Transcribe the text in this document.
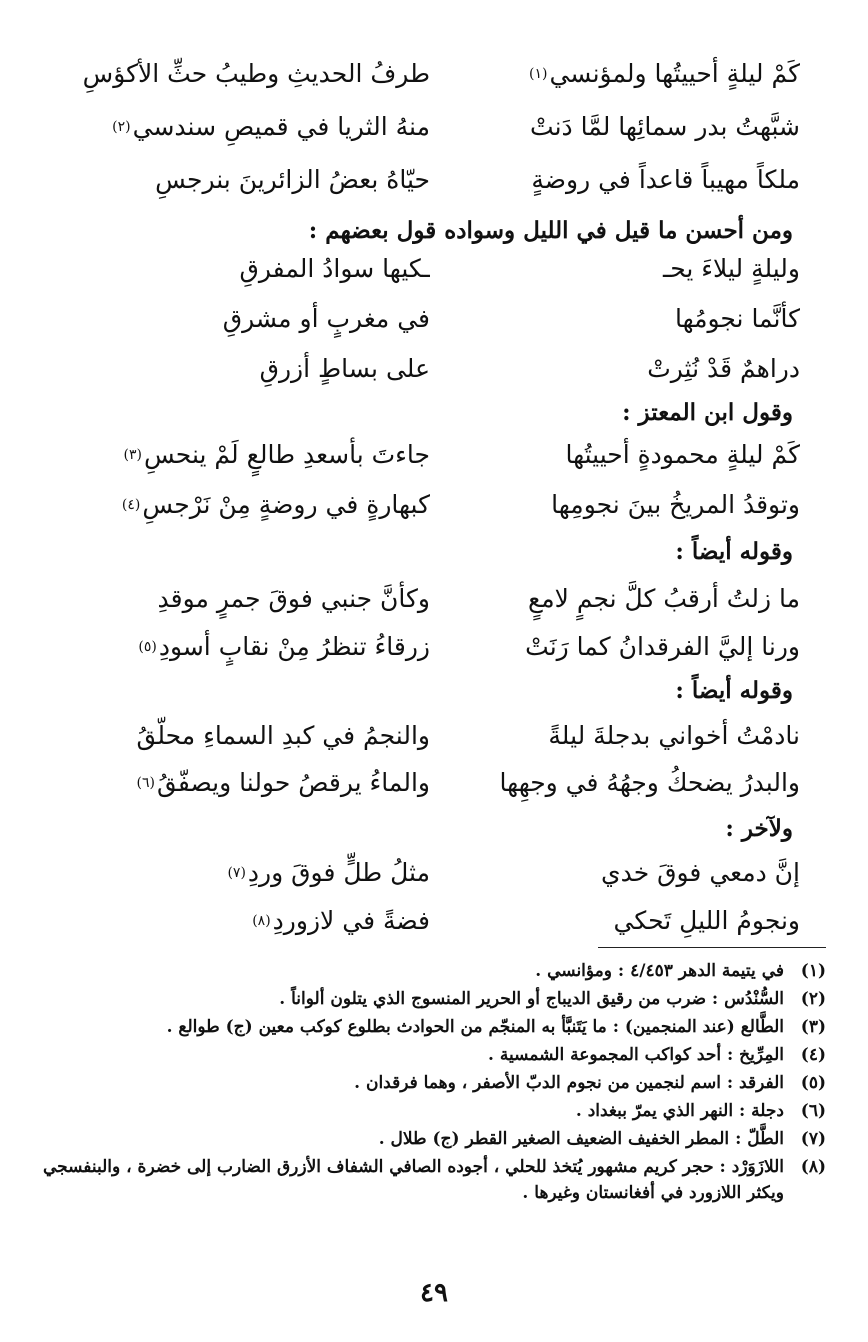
كَمْ ليلةٍ أحييتُها ولمؤنسي
(١)
طرفُ الحديثِ وطيبُ حثِّ الأكؤسِ
شبَّهتُ بدر سمائِها لمَّا دَنتْ
منهُ الثريا في قميصِ سندسي
(٢)
ملكاً مهيباً قاعداً في روضةٍ
حيّاهُ بعضُ الزائرينَ بنرجسِ
ومن أحسن ما قيل في الليل وسواده قول بعضهم :
وليلةٍ ليلاءَ يحـ
ـكيها سوادُ المفرقِ
كأنَّما نجومُها
في مغربٍ أو مشرقِ
دراهمٌ قَدْ نُثِرتْ
على بساطٍ أزرقِ
وقول ابن المعتز :
كَمْ ليلةٍ محمودةٍ أحييتُها
جاءتَ بأسعدِ طالعٍ لَمْ ينحسِ
(٣)
وتوقدُ المريخُ بينَ نجومِها
كبهارةٍ في روضةٍ مِنْ نَرْجسِ
(٤)
وقوله أيضاً :
ما زلتُ أرقبُ كلَّ نجمٍ لامعٍ
وكأنَّ جنبي فوقَ جمرٍ موقدِ
ورنا إليَّ الفرقدانُ كما رَنَتْ
زرقاءُ تنظرُ مِنْ نقابٍ أسودِ
(٥)
وقوله أيضاً :
نادمْتُ أخواني بدجلةَ ليلةً
والنجمُ في كبدِ السماءِ محلّقُ
والبدرُ يضحكُ وجهُهُ في وجهِها
والماءُ يرقصُ حولنا ويصفّقُ
(٦)
ولآخر :
إنَّ دمعي فوقَ خدي
مثلُ طلٍّ فوقَ وردِ
(٧)
ونجومُ الليلِ تَحكي
فضةً في لازوردِ
(٨)
(١)
في يتيمة الدهر ٤/٤٥٣ : ومؤانسي .
(٢)
السُّنْدُس : ضرب من رقيق الديباج أو الحرير المنسوج الذي يتلون ألواناً .
(٣)
الطَّالع (عند المنجمين) : ما يَتَنبَّأ به المنجّم من الحوادث بطلوع كوكب معين (ج) طوالع .
(٤)
المِرِّيخ : أحد كواكب المجموعة الشمسية .
(٥)
الفرقد : اسم لنجمين من نجوم الدبّ الأصفر ، وهما فرقدان .
(٦)
دجلة : النهر الذي يمرّ ببغداد .
(٧)
الطَّلّ : المطر الخفيف الضعيف الصغير القطر (ج) طلال .
(٨)
اللازَوَرْد : حجر كريم مشهور يُتخذ للحلي ، أجوده الصافي الشفاف الأزرق الضارب إلى خضرة ، والبنفسجي ويكثر اللازورد في أفغانستان وغيرها .
٤٩
